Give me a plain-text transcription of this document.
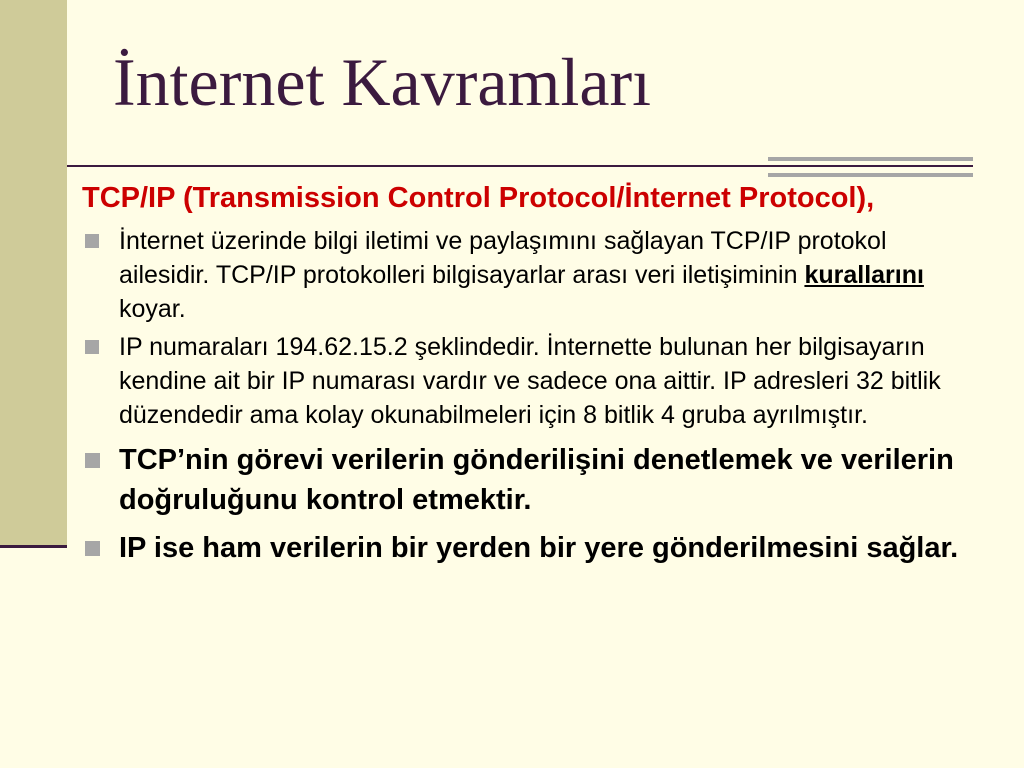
İnternet Kavramları

TCP/IP (Transmission Control Protocol/İnternet Protocol),

İnternet üzerinde bilgi iletimi ve paylaşımını sağlayan TCP/IP protokol ailesidir. TCP/IP protokolleri bilgisayarlar arası veri iletişiminin kurallarını koyar.
IP numaraları 194.62.15.2 şeklindedir. İnternette bulunan her bilgisayarın kendine ait bir IP numarası vardır ve sadece ona aittir. IP adresleri 32 bitlik düzendedir ama kolay okunabilmeleri için 8 bitlik 4 gruba ayrılmıştır.
TCP’nin görevi verilerin gönderilişini denetlemek ve verilerin doğruluğunu kontrol etmektir.
IP ise ham verilerin bir yerden bir yere gönderilmesini sağlar.
